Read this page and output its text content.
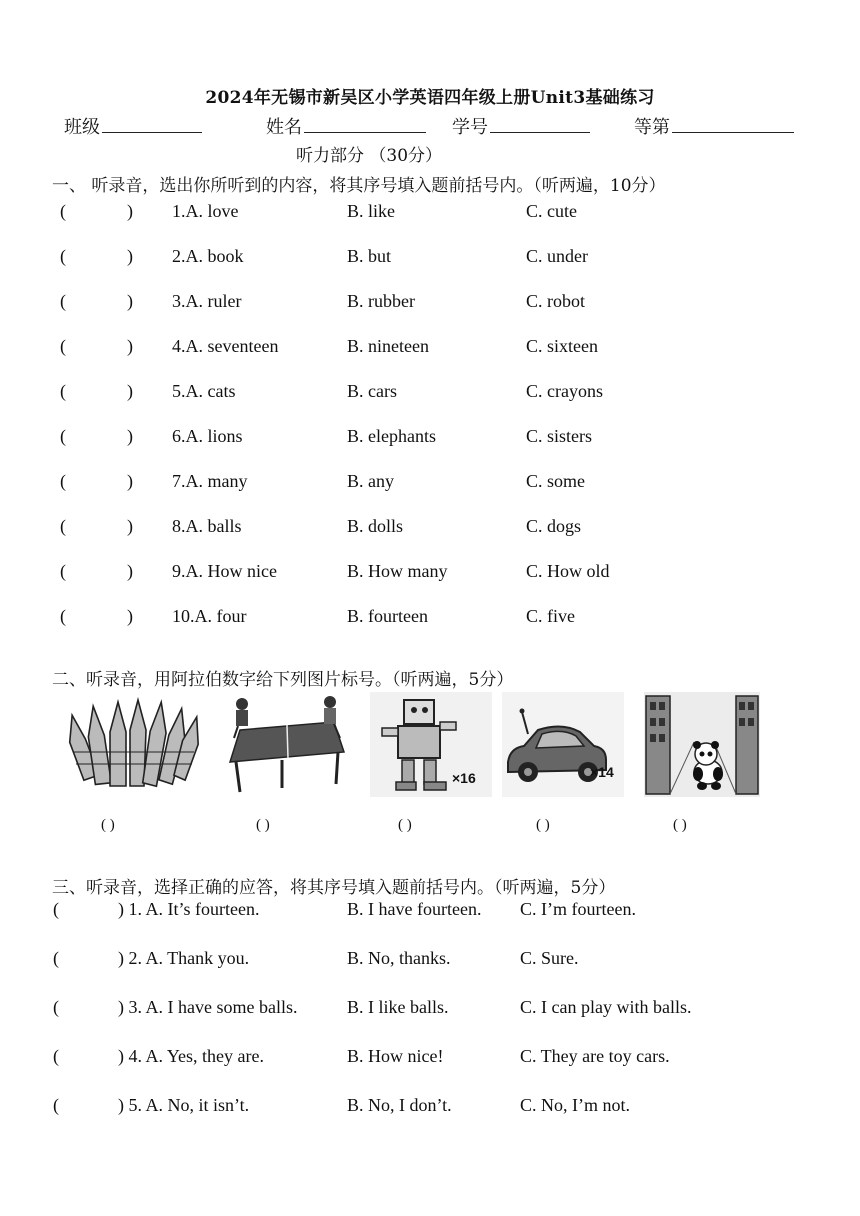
2024年无锡市新吴区小学英语四年级上册Unit3基础练习
班级	姓名	学号	等第
听力部分 （30分）
一、 听录音，选出你所听到的内容，将其序号填入题前括号内。（听两遍，10分）
(	) 1.A. love	B. like	C. cute
(	) 2.A. book	B. but	C. under
(	) 3.A. ruler	B. rubber	C. robot
(	) 4.A. seventeen	B. nineteen	C. sixteen
(	) 5.A. cats	B. cars	C. crayons
(	) 6.A. lions	B. elephants	C. sisters
(	) 7.A. many	B. any	C. some
(	) 8.A. balls	B. dolls	C. dogs
(	) 9.A. How nice	B. How many	C. How old
(	) 10.A. four	B. fourteen	C. five
二、听录音，用阿拉伯数字给下列图片标号。（听两遍，5分）
×16	×14
( )	( )	( )	( )	( )
三、听录音，选择正确的应答，将其序号填入题前括号内。（听两遍，5分）
(	) 1. A. It’s fourteen.	B. I have fourteen. C. I’m fourteen.
(	) 2. A. Thank you.	B. No, thanks.	C. Sure.
(	) 3. A. I have some balls.	B. I like balls.	C. I can play with balls.
(	) 4. A. Yes, they are.	B. How nice!	C. They are toy cars.
(	) 5. A. No, it isn’t.	B. No, I don’t.	C. No, I’m not.
